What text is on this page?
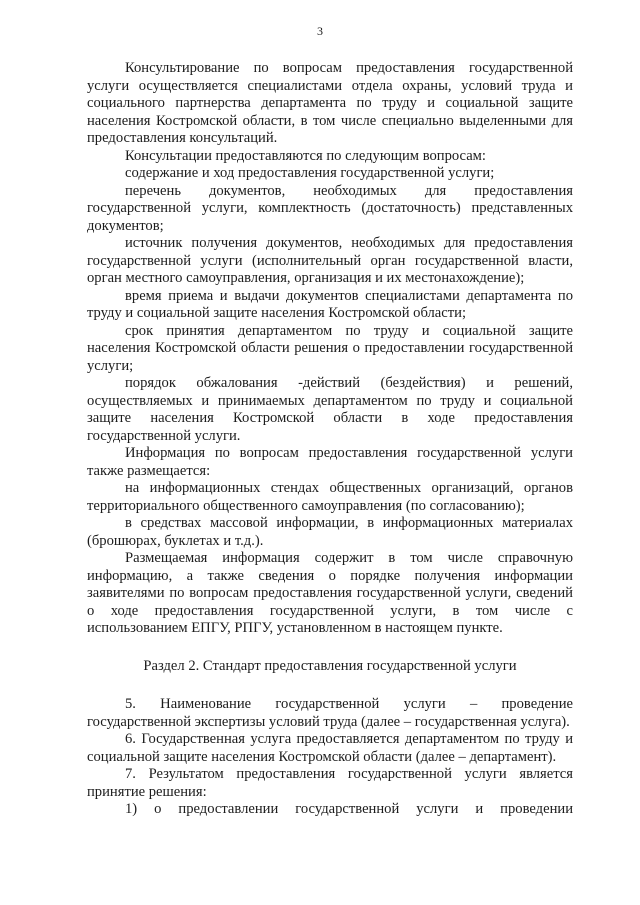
3

Консультирование по вопросам предоставления государственной услуги осуществляется специалистами отдела охраны, условий труда и социального партнерства департамента по труду и социальной защите населения Костромской области, в том числе специально выделенными для предоставления консультаций.

Консультации предоставляются по следующим вопросам:

содержание и ход предоставления государственной услуги;

перечень документов, необходимых для предоставления государственной услуги, комплектность (достаточность) представленных документов;

источник получения документов, необходимых для предоставления государственной услуги (исполнительный орган государственной власти, орган местного самоуправления, организация и их местонахождение);

время приема и выдачи документов специалистами департамента по труду и социальной защите населения Костромской области;

срок принятия департаментом по труду и социальной защите населения Костромской области решения о предоставлении государственной услуги;

порядок обжалования -действий (бездействия) и решений, осуществляемых и принимаемых департаментом по труду и социальной защите населения Костромской области в ходе предоставления государственной услуги.

Информация по вопросам предоставления государственной услуги также размещается:

на информационных стендах общественных организаций, органов территориального общественного самоуправления (по согласованию);

в средствах массовой информации, в информационных материалах (брошюрах, буклетах и т.д.).

Размещаемая информация содержит в том числе справочную информацию, а также сведения о порядке получения информации заявителями по вопросам предоставления государственной услуги, сведений о ходе предоставления государственной услуги, в том числе с использованием ЕПГУ, РПГУ, установленном в настоящем пункте.

Раздел 2. Стандарт предоставления государственной услуги

5. Наименование государственной услуги – проведение государственной экспертизы условий труда (далее – государственная услуга).

6. Государственная услуга предоставляется департаментом по труду и социальной защите населения Костромской области (далее – департамент).

7. Результатом предоставления государственной услуги является принятие решения:

1) о предоставлении государственной услуги и проведении
